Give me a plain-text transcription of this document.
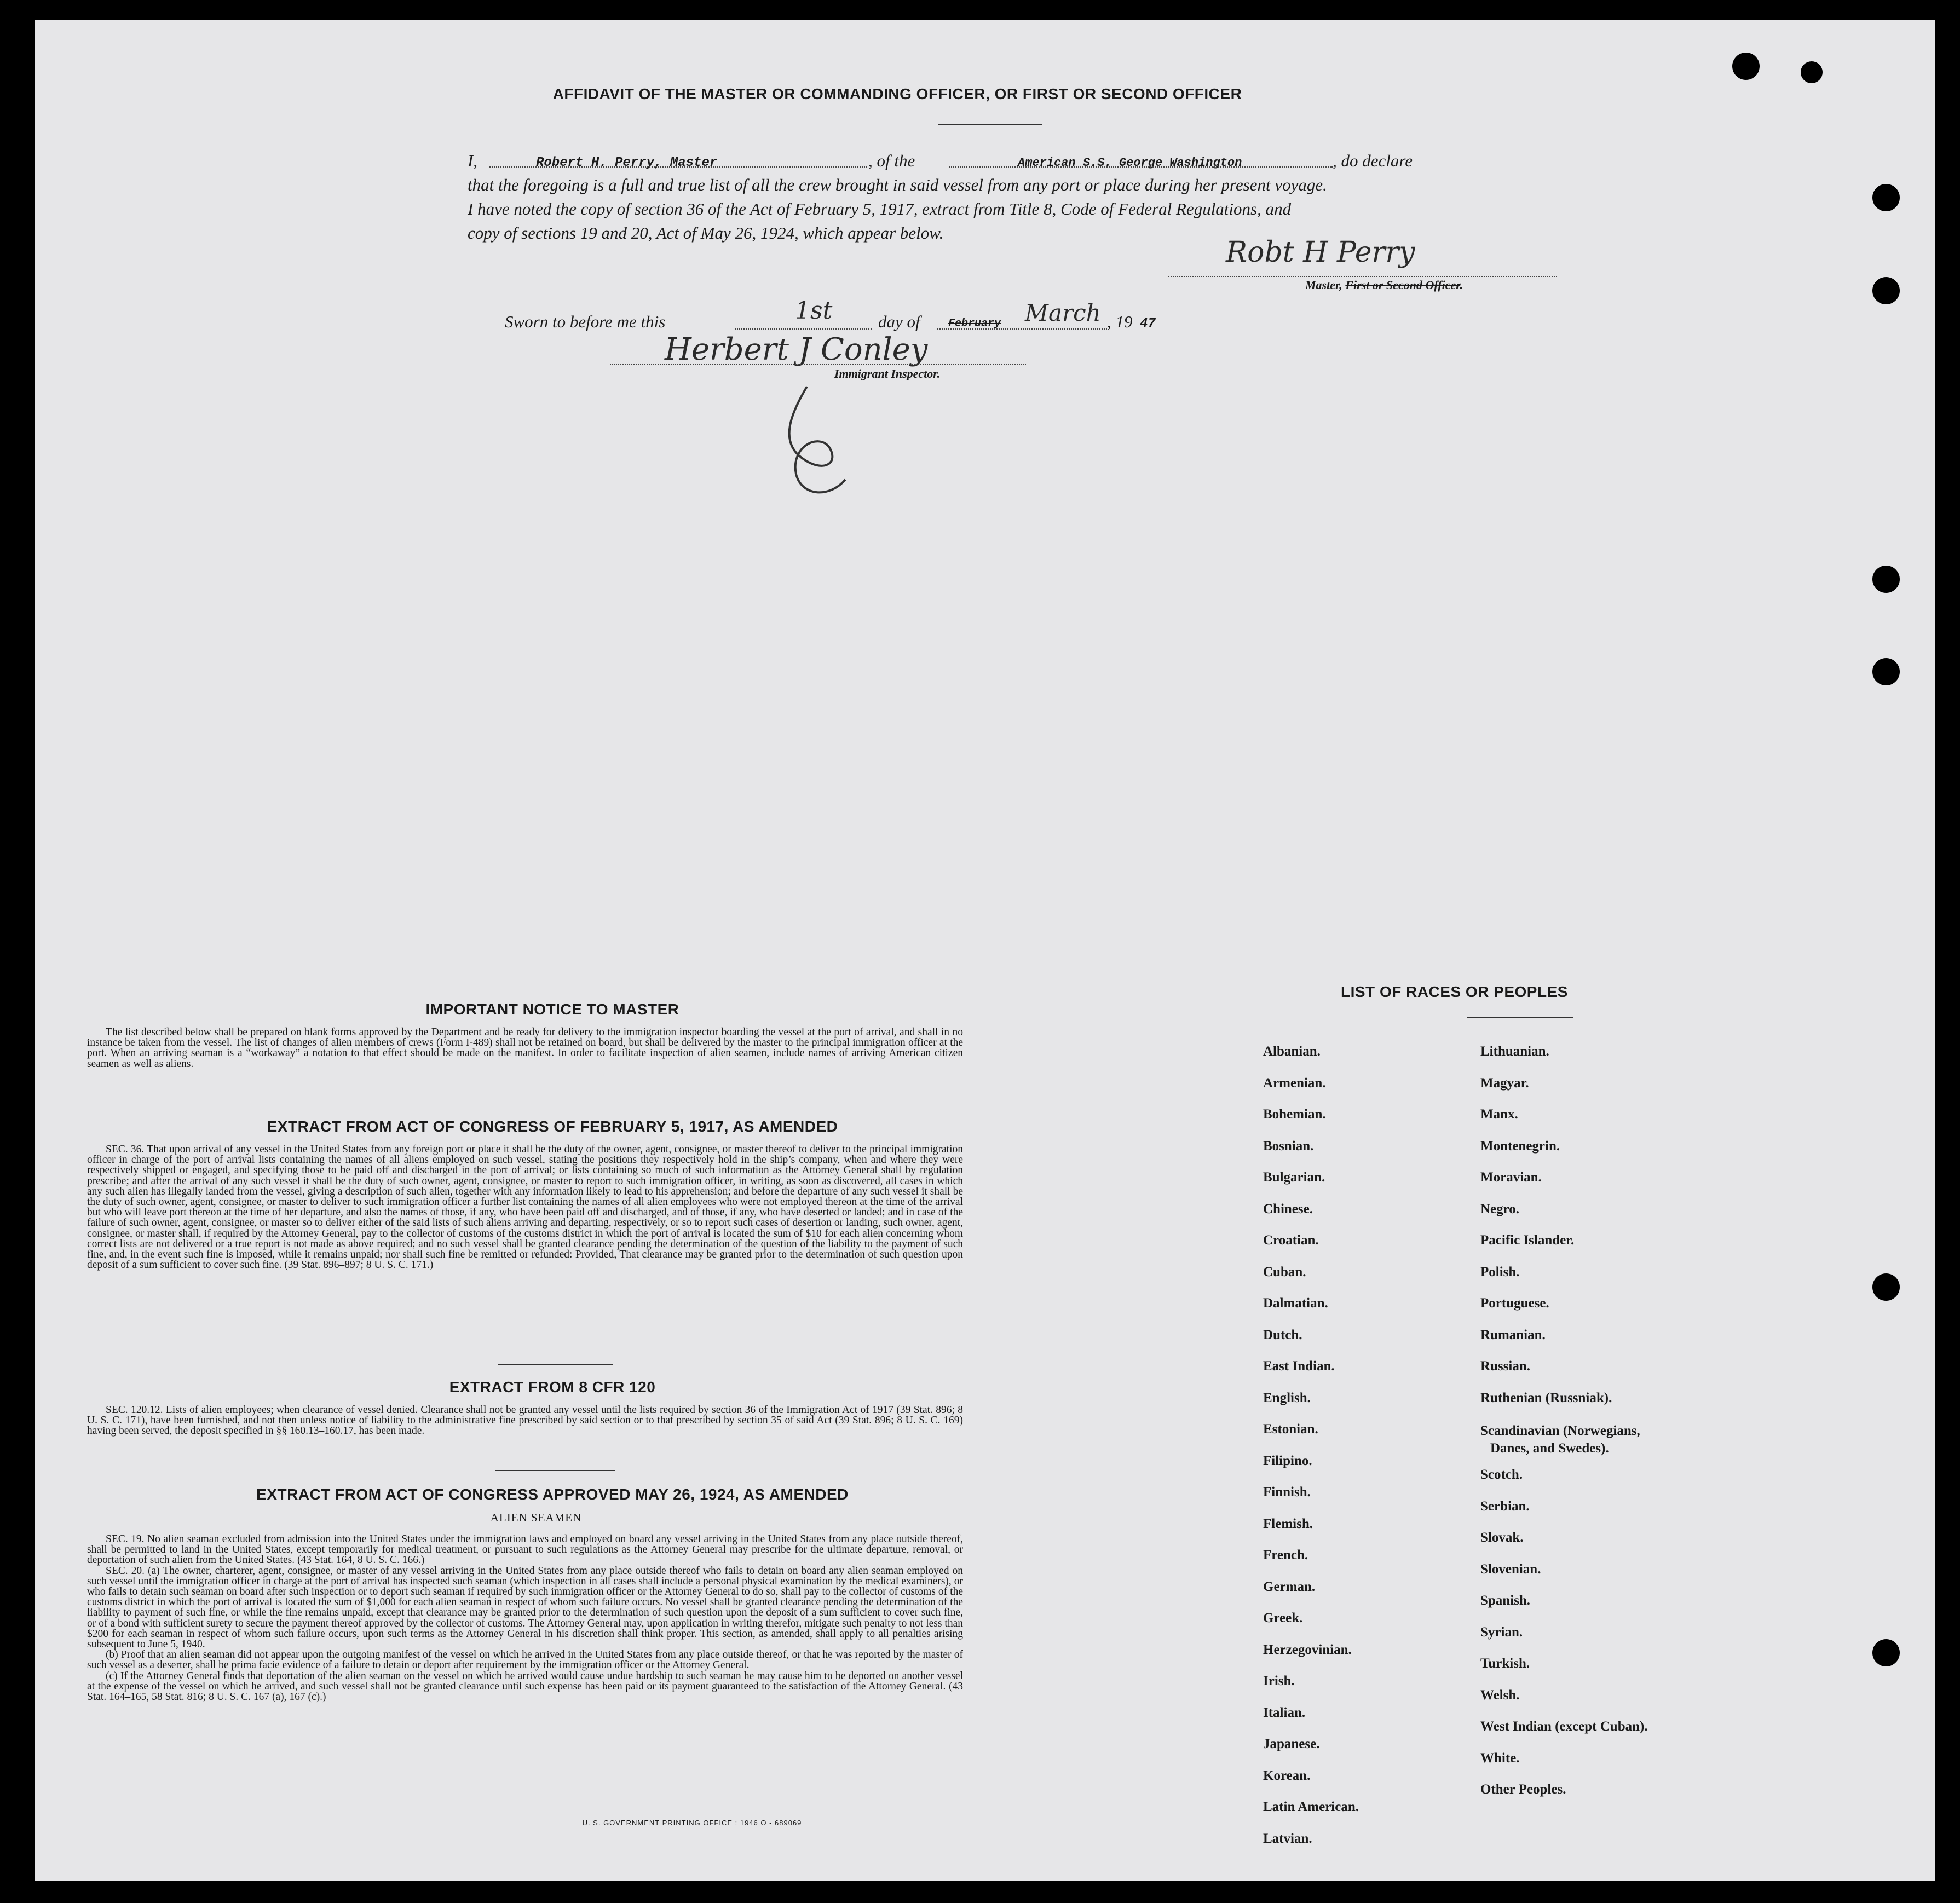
AFFIDAVIT OF THE MASTER OR COMMANDING OFFICER, OR FIRST OR SECOND OFFICER
I,	Robert H. Perry, Master	, of the	American S.S. George Washington	, do declare
that the foregoing is a full and true list of all the crew brought in said vessel from any port or place during her present voyage.
I have noted the copy of section 36 of the Act of February 5, 1917, extract from Title 8, Code of Federal Regulations, and
copy of sections 19 and 20, Act of May 26, 1924, which appear below.
Robt H Perry
Master, First or Second Officer.
Sworn to before me this	1st	day of	February March , 19 47
Herbert J Conley
Immigrant Inspector.
IMPORTANT NOTICE TO MASTER

The list described below shall be prepared on blank forms approved by the Department and be ready for delivery to the immigration inspector boarding the vessel at the port of arrival, and shall in no instance be taken from the vessel. The list of changes of alien members of crews (Form I-489) shall not be retained on board, but shall be delivered by the master to the principal immigration officer at the port. When an arriving seaman is a “workaway” a notation to that effect should be made on the manifest. In order to facilitate inspection of alien seamen, include names of arriving American citizen seamen as well as aliens.

EXTRACT FROM ACT OF CONGRESS OF FEBRUARY 5, 1917, AS AMENDED

SEC. 36. That upon arrival of any vessel in the United States from any foreign port or place it shall be the duty of the owner, agent, consignee, or master thereof to deliver to the principal immigration officer in charge of the port of arrival lists containing the names of all aliens employed on such vessel, stating the positions they respectively hold in the ship’s company, when and where they were respectively shipped or engaged, and specifying those to be paid off and discharged in the port of arrival; or lists containing so much of such information as the Attorney General shall by regulation prescribe; and after the arrival of any such vessel it shall be the duty of such owner, agent, consignee, or master to report to such immigration officer, in writing, as soon as discovered, all cases in which any such alien has illegally landed from the vessel, giving a description of such alien, together with any information likely to lead to his apprehension; and before the departure of any such vessel it shall be the duty of such owner, agent, consignee, or master to deliver to such immigration officer a further list containing the names of all alien employees who were not employed thereon at the time of the arrival but who will leave port thereon at the time of her departure, and also the names of those, if any, who have been paid off and discharged, and of those, if any, who have deserted or landed; and in case of the failure of such owner, agent, consignee, or master so to deliver either of the said lists of such aliens arriving and departing, respectively, or so to report such cases of desertion or landing, such owner, agent, consignee, or master shall, if required by the Attorney General, pay to the collector of customs of the customs district in which the port of arrival is located the sum of $10 for each alien concerning whom correct lists are not delivered or a true report is not made as above required; and no such vessel shall be granted clearance pending the determination of the question of the liability to the payment of such fine, and, in the event such fine is imposed, while it remains unpaid; nor shall such fine be remitted or refunded: Provided, That clearance may be granted prior to the determination of such question upon deposit of a sum sufficient to cover such fine. (39 Stat. 896–897; 8 U. S. C. 171.)

EXTRACT FROM 8 CFR 120

SEC. 120.12. Lists of alien employees; when clearance of vessel denied. Clearance shall not be granted any vessel until the lists required by section 36 of the Immigration Act of 1917 (39 Stat. 896; 8 U. S. C. 171), have been furnished, and not then unless notice of liability to the administrative fine prescribed by said section or to that prescribed by section 35 of said Act (39 Stat. 896; 8 U. S. C. 169) having been served, the deposit specified in §§ 160.13–160.17, has been made.

EXTRACT FROM ACT OF CONGRESS APPROVED MAY 26, 1924, AS AMENDED
ALIEN SEAMEN

SEC. 19. No alien seaman excluded from admission into the United States under the immigration laws and employed on board any vessel arriving in the United States from any place outside thereof, shall be permitted to land in the United States, except temporarily for medical treatment, or pursuant to such regulations as the Attorney General may prescribe for the ultimate departure, removal, or deportation of such alien from the United States. (43 Stat. 164, 8 U. S. C. 166.)

SEC. 20. (a) The owner, charterer, agent, consignee, or master of any vessel arriving in the United States from any place outside thereof who fails to detain on board any alien seaman employed on such vessel until the immigration officer in charge at the port of arrival has inspected such seaman (which inspection in all cases shall include a personal physical examination by the medical examiners), or who fails to detain such seaman on board after such inspection or to deport such seaman if required by such immigration officer or the Attorney General to do so, shall pay to the collector of customs of the customs district in which the port of arrival is located the sum of $1,000 for each alien seaman in respect of whom such failure occurs. No vessel shall be granted clearance pending the determination of the liability to payment of such fine, or while the fine remains unpaid, except that clearance may be granted prior to the determination of such question upon the deposit of a sum sufficient to cover such fine, or of a bond with sufficient surety to secure the payment thereof approved by the collector of customs. The Attorney General may, upon application in writing therefor, mitigate such penalty to not less than $200 for each seaman in respect of whom such failure occurs, upon such terms as the Attorney General in his discretion shall think proper. This section, as amended, shall apply to all penalties arising subsequent to June 5, 1940.

(b) Proof that an alien seaman did not appear upon the outgoing manifest of the vessel on which he arrived in the United States from any place outside thereof, or that he was reported by the master of such vessel as a deserter, shall be prima facie evidence of a failure to detain or deport after requirement by the immigration officer or the Attorney General.

(c) If the Attorney General finds that deportation of the alien seaman on the vessel on which he arrived would cause undue hardship to such seaman he may cause him to be deported on another vessel at the expense of the vessel on which he arrived, and such vessel shall not be granted clearance until such expense has been paid or its payment guaranteed to the satisfaction of the Attorney General. (43 Stat. 164–165, 58 Stat. 816; 8 U. S. C. 167 (a), 167 (c).)

U. S. GOVERNMENT PRINTING OFFICE : 1946 O - 689069
LIST OF RACES OR PEOPLES
Albanian.
Armenian.
Bohemian.
Bosnian.
Bulgarian.
Chinese.
Croatian.
Cuban.
Dalmatian.
Dutch.
East Indian.
English.
Estonian.
Filipino.
Finnish.
Flemish.
French.
German.
Greek.
Herzegovinian.
Irish.
Italian.
Japanese.
Korean.
Latin American.
Latvian.
Lithuanian.
Magyar.
Manx.
Montenegrin.
Moravian.
Negro.
Pacific Islander.
Polish.
Portuguese.
Rumanian.
Russian.
Ruthenian (Russniak).
Scandinavian (Norwegians,
Danes, and Swedes).
Scotch.
Serbian.
Slovak.
Slovenian.
Spanish.
Syrian.
Turkish.
Welsh.
West Indian (except Cuban).
White.
Other Peoples.
